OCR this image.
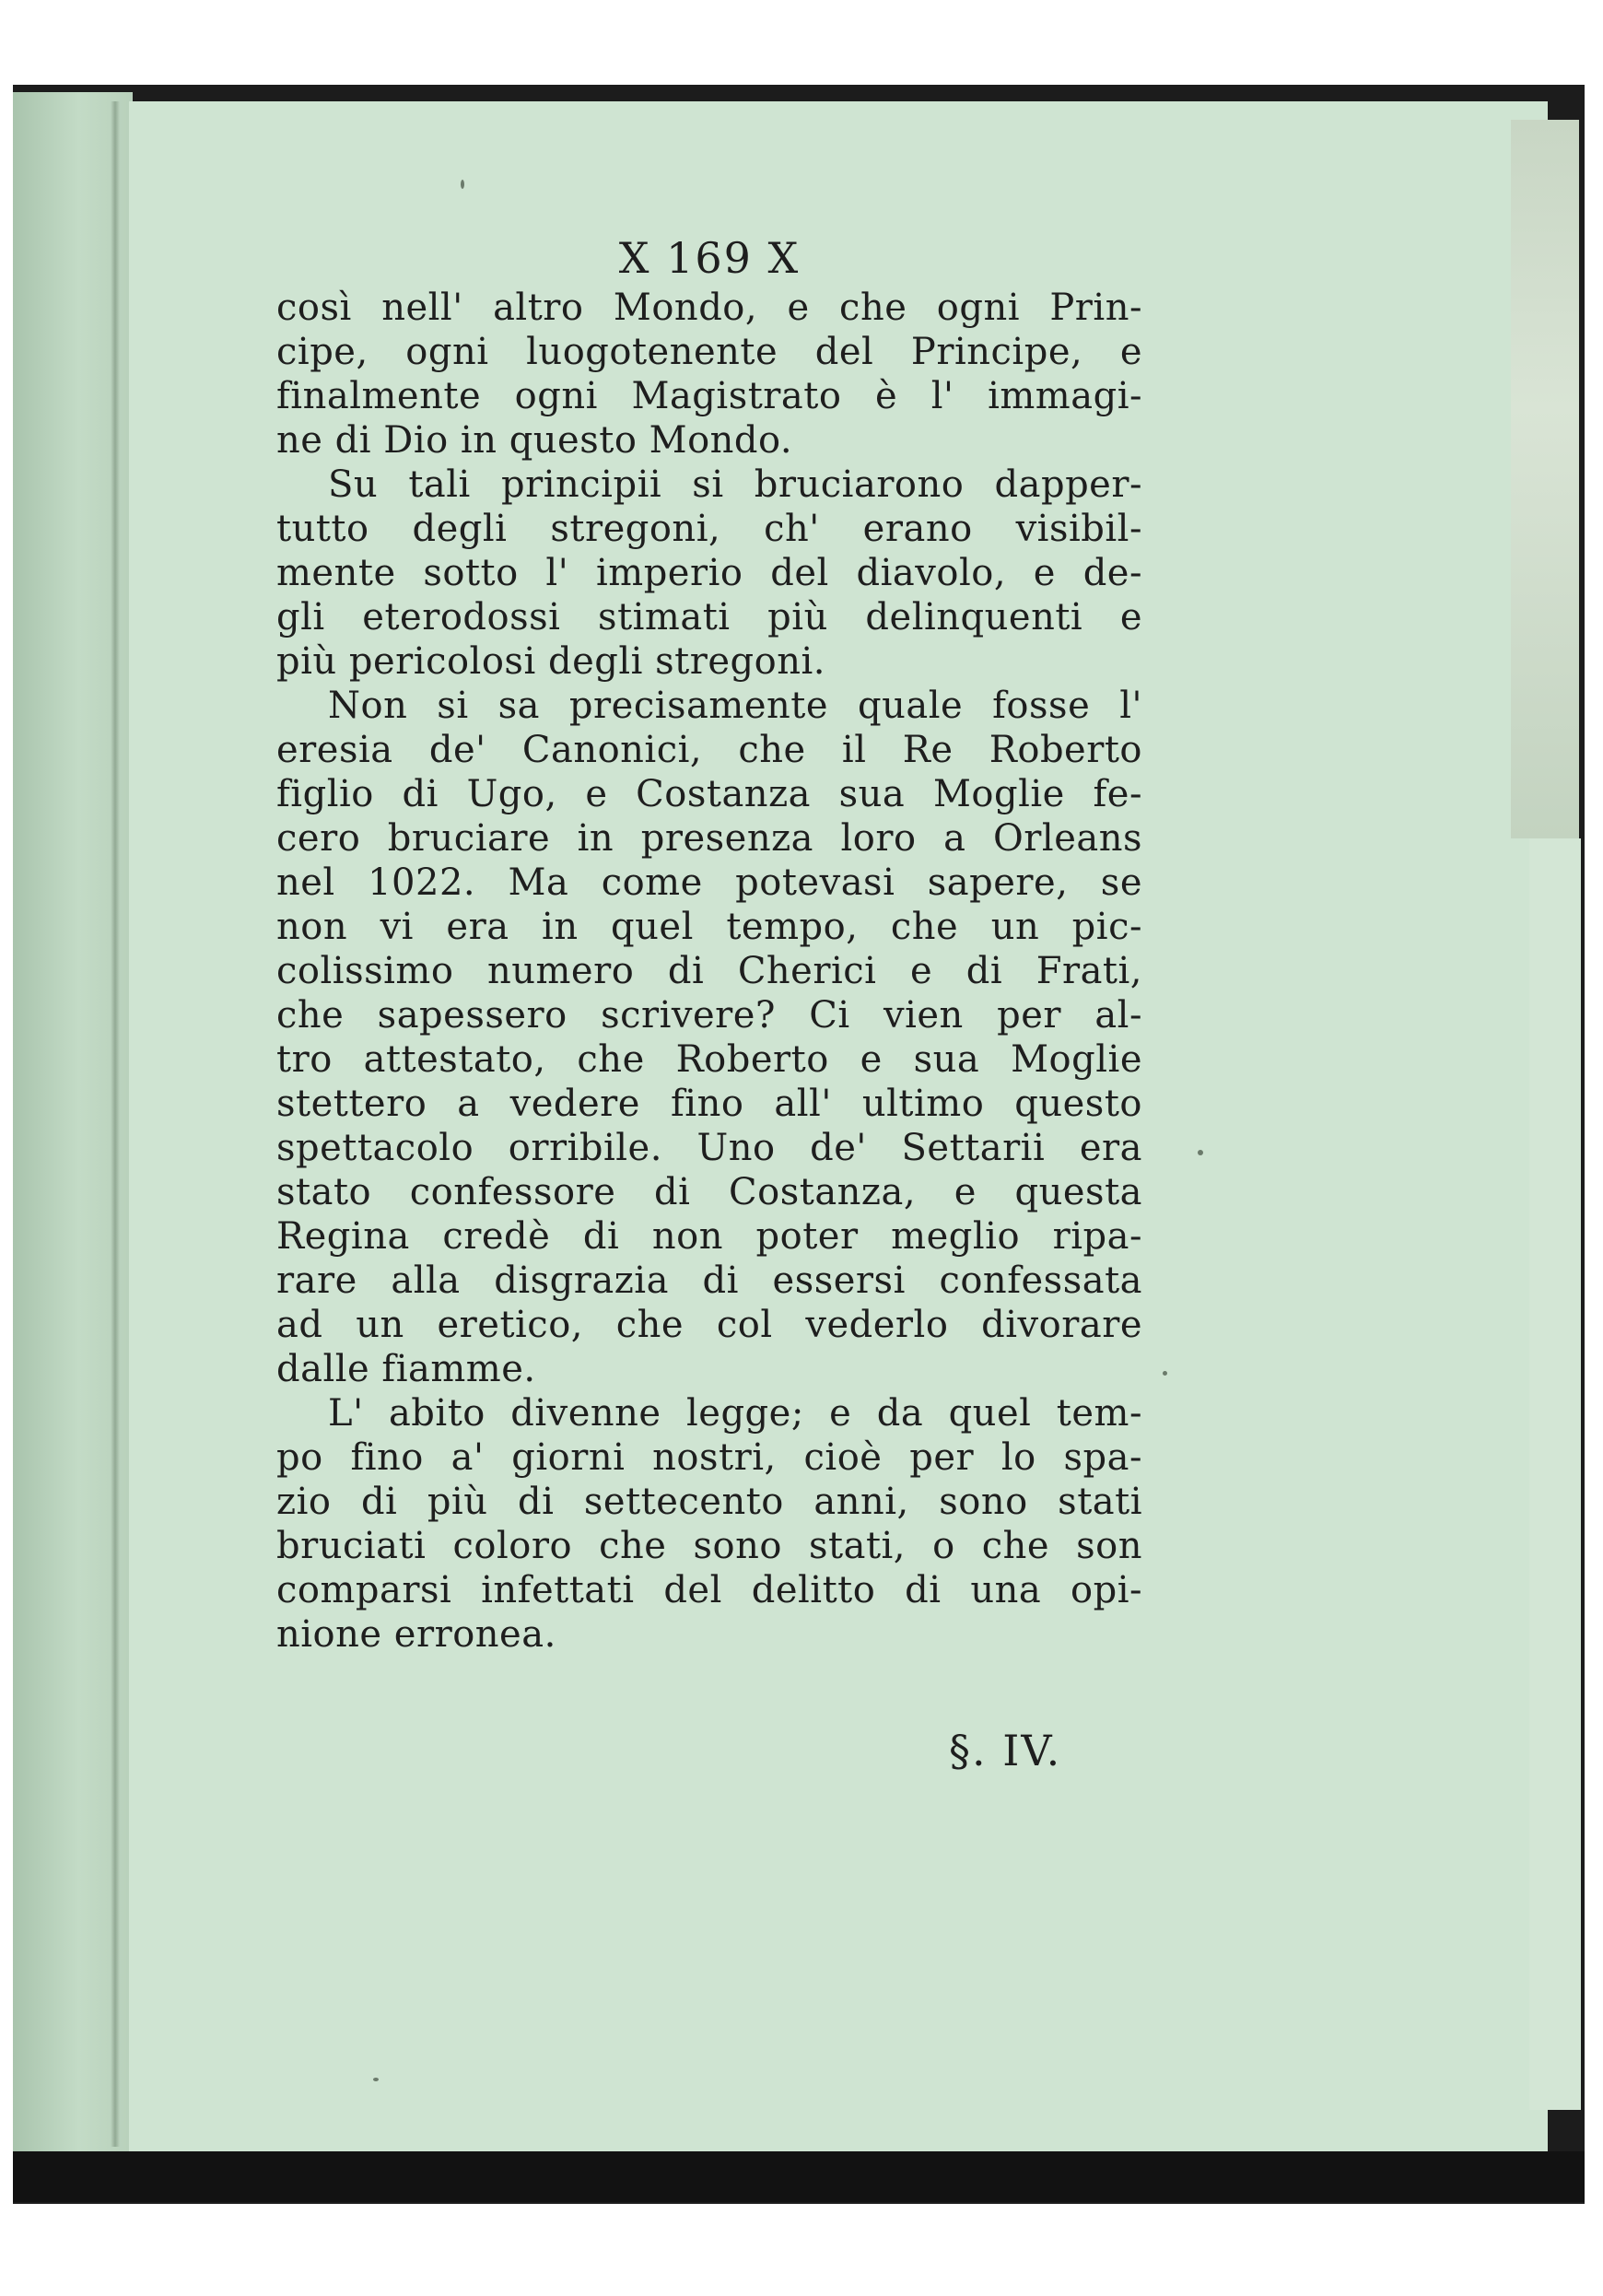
Ⅹ 169 Ⅹ
così nell' altro Mondo, e che ogni Prin-
cipe, ogni luogotenente del Principe, e
finalmente ogni Magistrato è l' immagi-
ne di Dio in questo Mondo.
Su tali principii si bruciarono dapper-
tutto degli stregoni, ch' erano visibil-
mente sotto l' imperio del diavolo, e de-
gli eterodossi stimati più delinquenti e
più pericolosi degli stregoni.
Non si sa precisamente quale fosse l'
eresia de' Canonici, che il Re Roberto
figlio di Ugo, e Costanza sua Moglie fe-
cero bruciare in presenza loro a Orleans
nel 1022. Ma come potevasi sapere, se
non vi era in quel tempo, che un pic-
colissimo numero di Cherici e di Frati,
che sapessero scrivere? Ci vien per al-
tro attestato, che Roberto e sua Moglie
stettero a vedere fino all' ultimo questo
spettacolo orribile. Uno de' Settarii era
stato confessore di Costanza, e questa
Regina credè di non poter meglio ripa-
rare alla disgrazia di essersi confessata
ad un eretico, che col vederlo divorare
dalle fiamme.
L' abito divenne legge; e da quel tem-
po fino a' giorni nostri, cioè per lo spa-
zio di più di settecento anni, sono stati
bruciati coloro che sono stati, o che son
comparsi infettati del delitto di una opi-
nione erronea.
§. IV.
